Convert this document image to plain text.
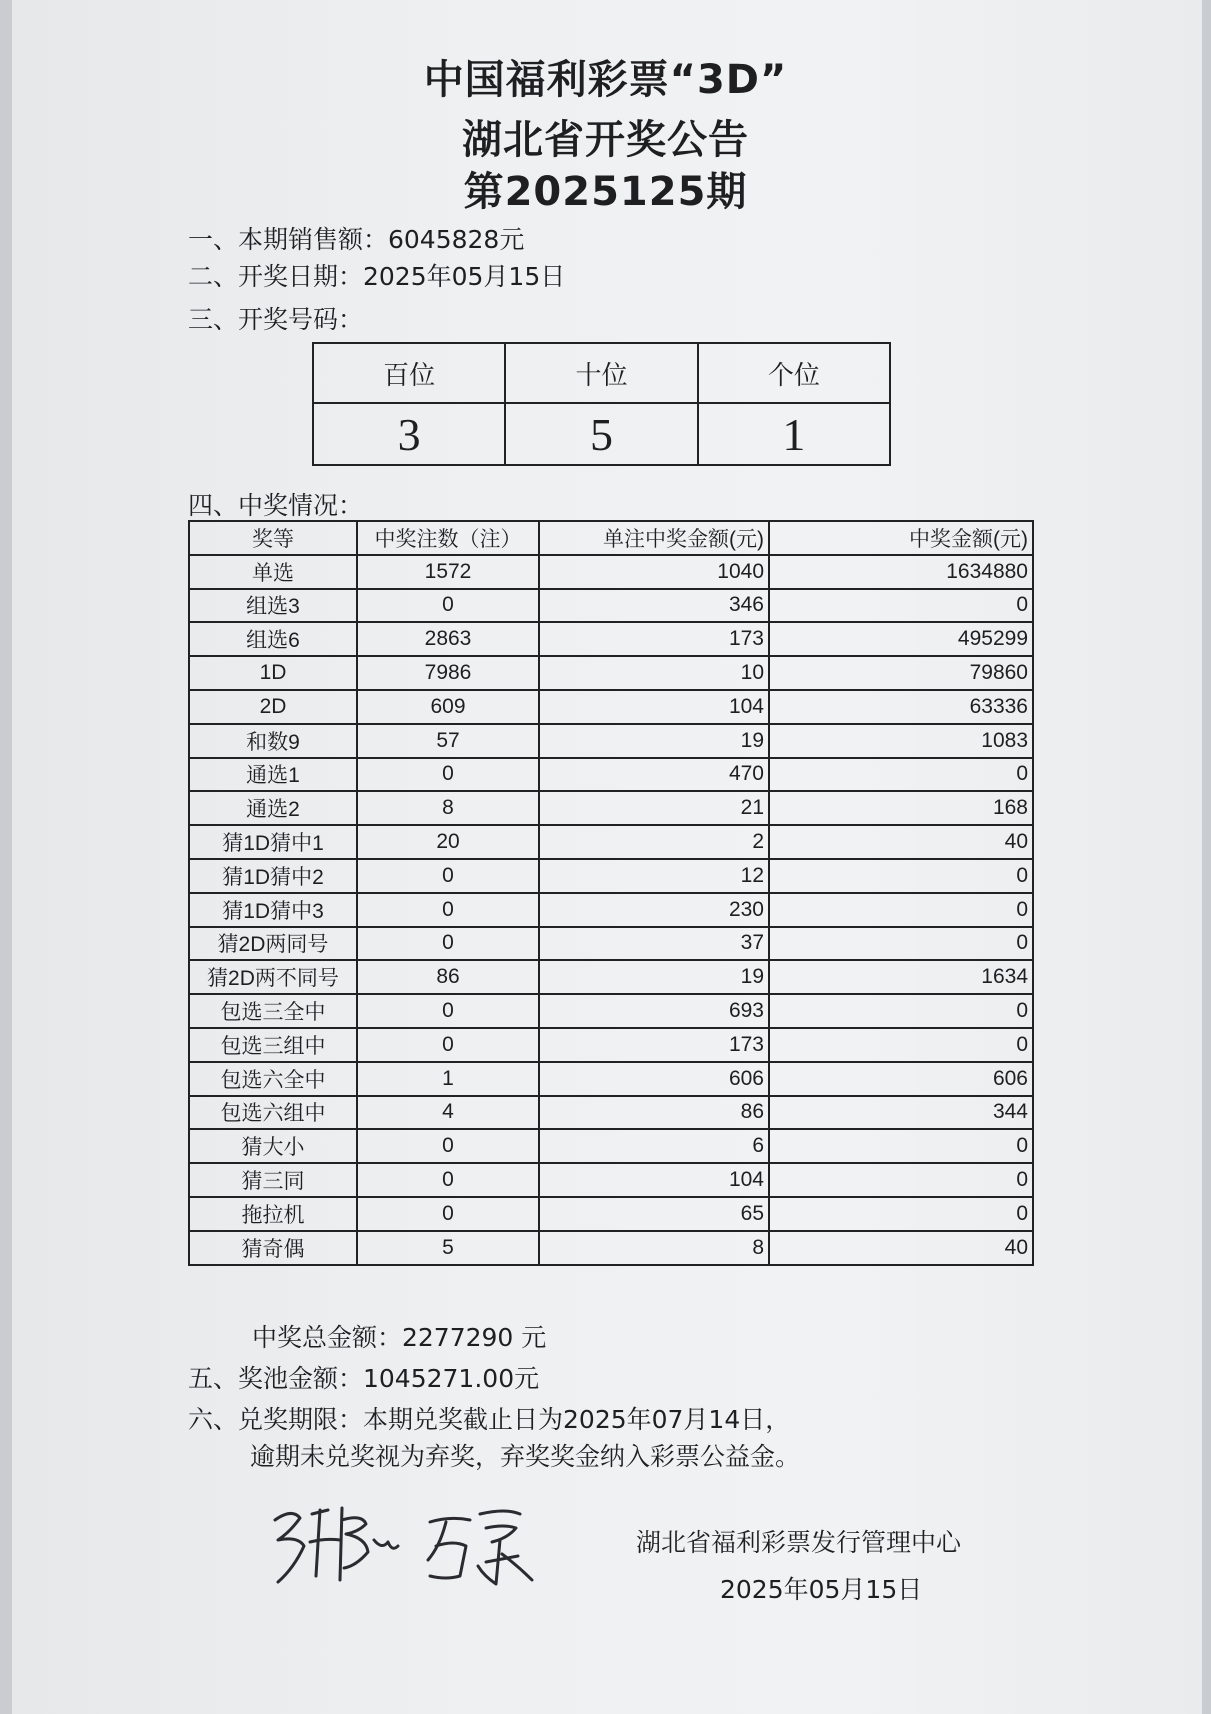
中国福利彩票“3D”
湖北省开奖公告
第2025125期
一、本期销售额：6045828元
二、开奖日期：2025年05月15日
三、开奖号码：
百位	十位	个位
3	5	1
四、中奖情况：
奖等	中奖注数（注）	单注中奖金额(元)	中奖金额(元)
单选	1572	1040	1634880
组选3	0	346	0
组选6	2863	173	495299
1D	7986	10	79860
2D	609	104	63336
和数9	57	19	1083
通选1	0	470	0
通选2	8	21	168
猜1D猜中1	20	2	40
猜1D猜中2	0	12	0
猜1D猜中3	0	230	0
猜2D两同号	0	37	0
猜2D两不同号	86	19	1634
包选三全中	0	693	0
包选三组中	0	173	0
包选六全中	1	606	606
包选六组中	4	86	344
猜大小	0	6	0
猜三同	0	104	0
拖拉机	0	65	0
猜奇偶	5	8	40
中奖总金额：2277290 元
五、奖池金额：1045271.00元
六、兑奖期限：本期兑奖截止日为2025年07月14日，
逾期未兑奖视为弃奖，弃奖奖金纳入彩票公益金。
湖北省福利彩票发行管理中心
2025年05月15日
